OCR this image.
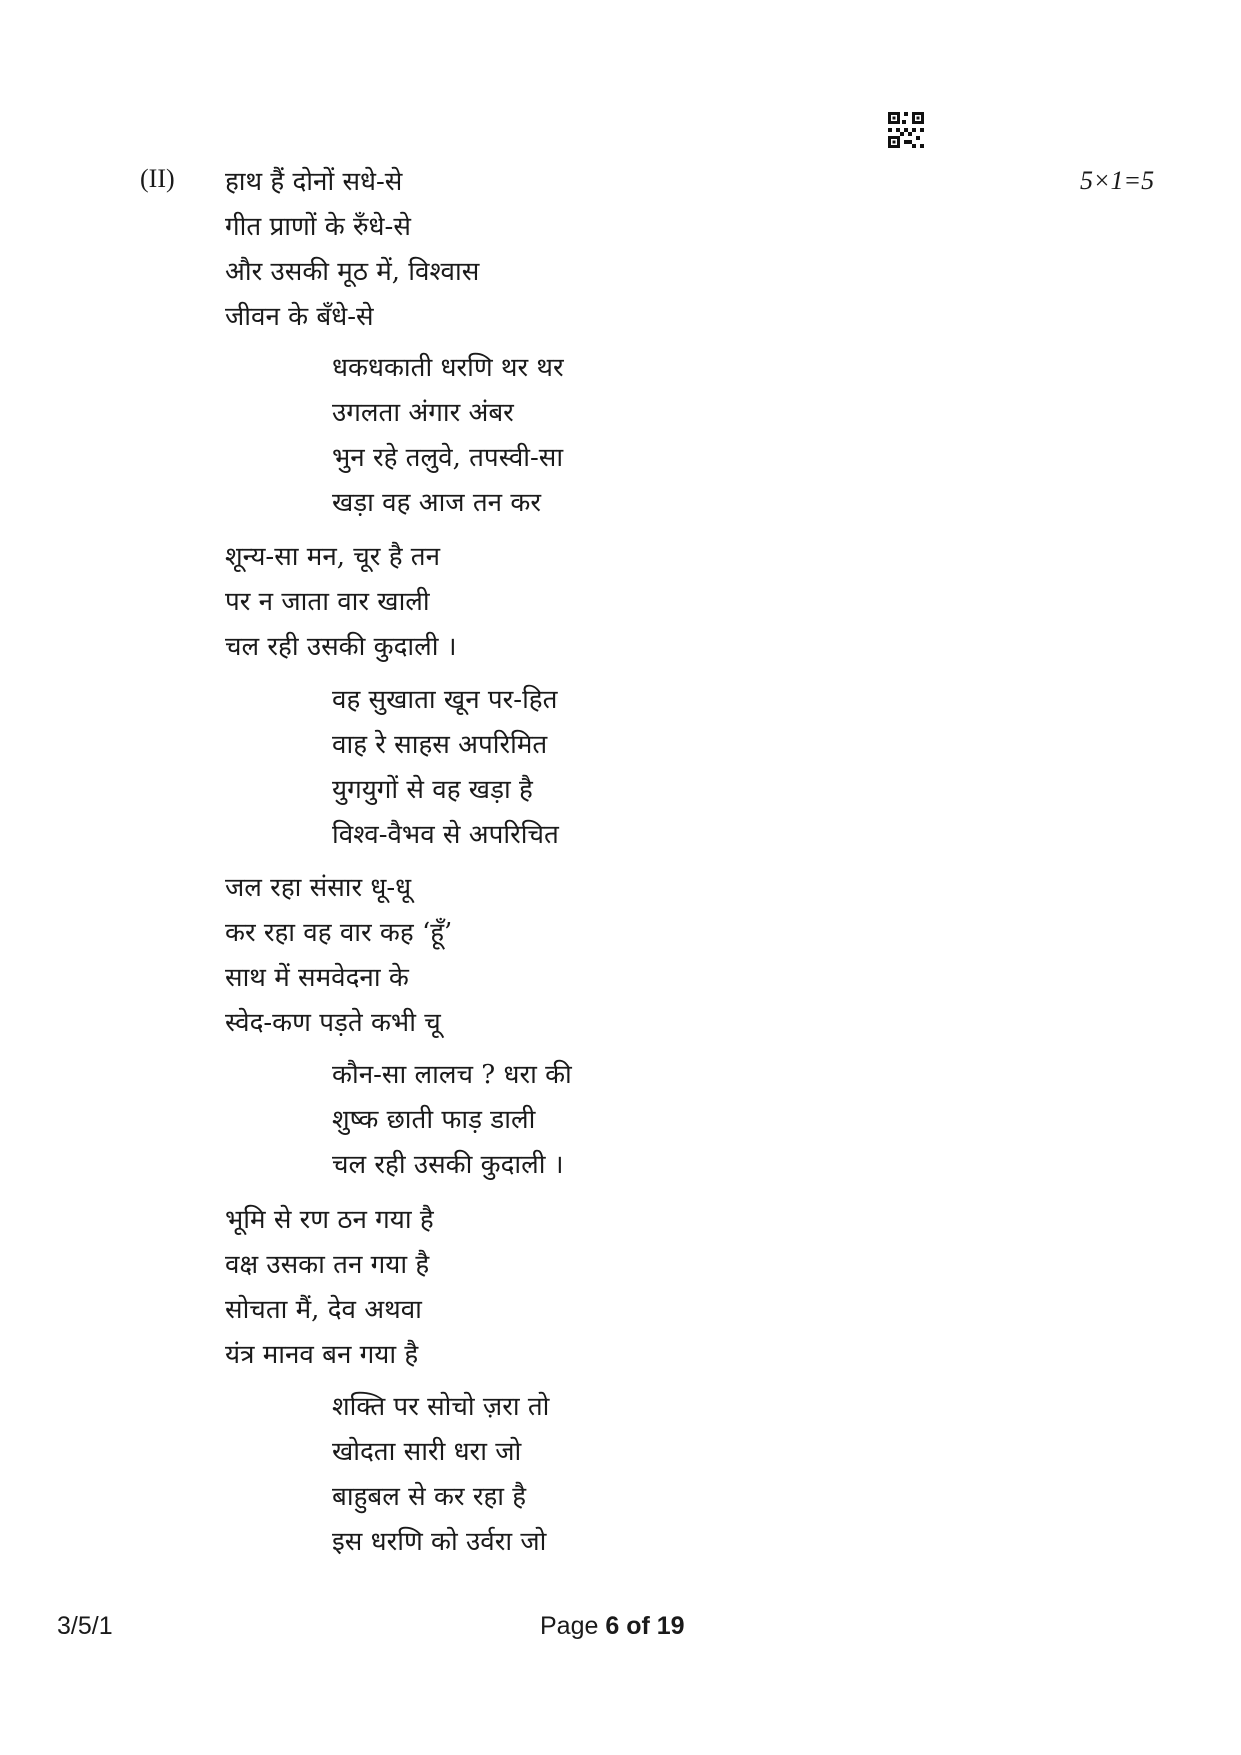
(II)	5×1=5
हाथ हैं दोनों सधे-से
गीत प्राणों के रुँधे-से
और उसकी मूठ में, विश्वास
जीवन के बँधे-से
धकधकाती धरणि थर थर
उगलता अंगार अंबर
भुन रहे तलुवे, तपस्वी-सा
खड़ा वह आज तन कर
शून्य-सा मन, चूर है तन
पर न जाता वार खाली
चल रही उसकी कुदाली ।
वह सुखाता खून पर-हित
वाह रे साहस अपरिमित
युगयुगों से वह खड़ा है
विश्व-वैभव से अपरिचित
जल रहा संसार धू-धू
कर रहा वह वार कह ‘हूँ’
साथ में समवेदना के
स्वेद-कण पड़ते कभी चू
कौन-सा लालच ? धरा की
शुष्क छाती फाड़ डाली
चल रही उसकी कुदाली ।
भूमि से रण ठन गया है
वक्ष उसका तन गया है
सोचता मैं, देव अथवा
यंत्र मानव बन गया है
शक्ति पर सोचो ज़रा तो
खोदता सारी धरा जो
बाहुबल से कर रहा है
इस धरणि को उर्वरा जो
3/5/1	Page 6 of 19
